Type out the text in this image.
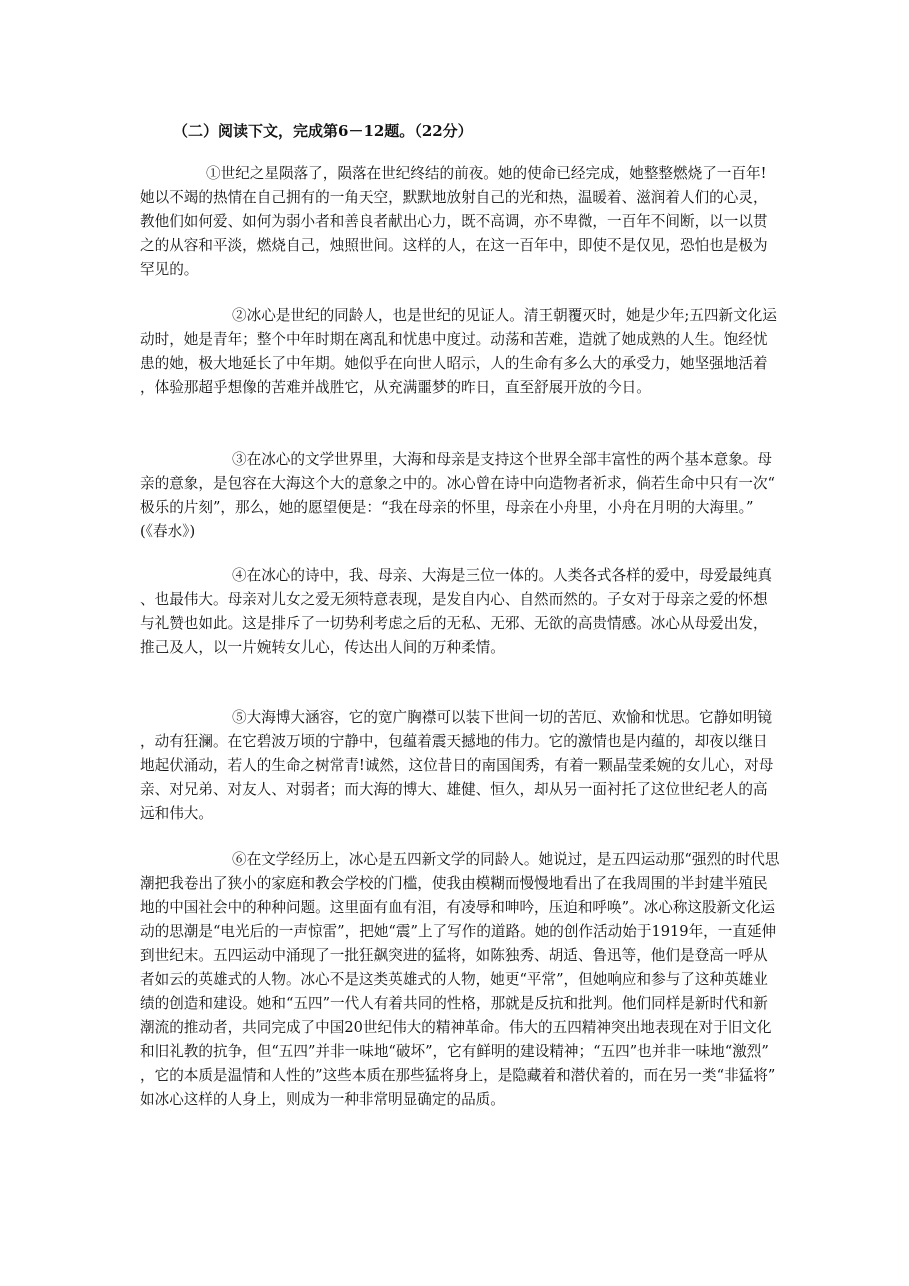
（二）阅读下文，完成第6－12题。（22分）
①世纪之星陨落了，陨落在世纪终结的前夜。她的使命已经完成，她整整燃烧了一百年!她以不竭的热情在自己拥有的一角天空，默默地放射自己的光和热，温暖着、滋润着人们的心灵，教他们如何爱、如何为弱小者和善良者献出心力，既不高调，亦不卑微，一百年不间断，以一以贯之的从容和平淡，燃烧自己，烛照世间。这样的人，在这一百年中，即使不是仅见，恐怕也是极为罕见的。
②冰心是世纪的同龄人，也是世纪的见证人。清王朝覆灭时，她是少年;五四新文化运动时，她是青年；整个中年时期在离乱和忧患中度过。动荡和苦难，造就了她成熟的人生。饱经忧患的她，极大地延长了中年期。她似乎在向世人昭示，人的生命有多么大的承受力，她坚强地活着，体验那超乎想像的苦难并战胜它，从充满噩梦的昨日，直至舒展开放的今日。
③在冰心的文学世界里，大海和母亲是支持这个世界全部丰富性的两个基本意象。母亲的意象，是包容在大海这个大的意象之中的。冰心曾在诗中向造物者祈求，倘若生命中只有一次“极乐的片刻”，那么，她的愿望便是：“我在母亲的怀里，母亲在小舟里，小舟在月明的大海里。”　　(《春水》)
④在冰心的诗中，我、母亲、大海是三位一体的。人类各式各样的爱中，母爱最纯真、也最伟大。母亲对儿女之爱无须特意表现，是发自内心、自然而然的。子女对于母亲之爱的怀想与礼赞也如此。这是排斥了一切势利考虑之后的无私、无邪、无欲的高贵情感。冰心从母爱出发，推己及人，以一片婉转女儿心，传达出人间的万种柔情。
⑤大海博大涵容，它的宽广胸襟可以装下世间一切的苦厄、欢愉和忧思。它静如明镜，动有狂澜。在它碧波万顷的宁静中，包蕴着震天撼地的伟力。它的激情也是内蕴的，却夜以继日地起伏涌动，若人的生命之树常青!诚然，这位昔日的南国闺秀，有着一颗晶莹柔婉的女儿心，对母亲、对兄弟、对友人、对弱者；而大海的博大、雄健、恒久，却从另一面衬托了这位世纪老人的高远和伟大。
⑥在文学经历上，冰心是五四新文学的同龄人。她说过，是五四运动那“强烈的时代思潮把我卷出了狭小的家庭和教会学校的门槛，使我由模糊而慢慢地看出了在我周围的半封建半殖民地的中国社会中的种种问题。这里面有血有泪，有凌辱和呻吟，压迫和呼唤”。冰心称这股新文化运动的思潮是“电光后的一声惊雷”，把她“震”上了写作的道路。她的创作活动始于1919年，一直延伸到世纪末。五四运动中涌现了一批狂飙突进的猛将，如陈独秀、胡适、鲁迅等，他们是登高一呼从者如云的英雄式的人物。冰心不是这类英雄式的人物，她更“平常”，但她响应和参与了这种英雄业绩的创造和建设。她和“五四”一代人有着共同的性格，那就是反抗和批判。他们同样是新时代和新潮流的推动者，共同完成了中国20世纪伟大的精神革命。伟大的五四精神突出地表现在对于旧文化和旧礼教的抗争，但“五四”并非一味地“破坏”，它有鲜明的建设精神；“五四”也并非一味地“激烈”，它的本质是温情和人性的”这些本质在那些猛将身上，是隐藏着和潜伏着的，而在另一类“非猛将”如冰心这样的人身上，则成为一种非常明显确定的品质。
